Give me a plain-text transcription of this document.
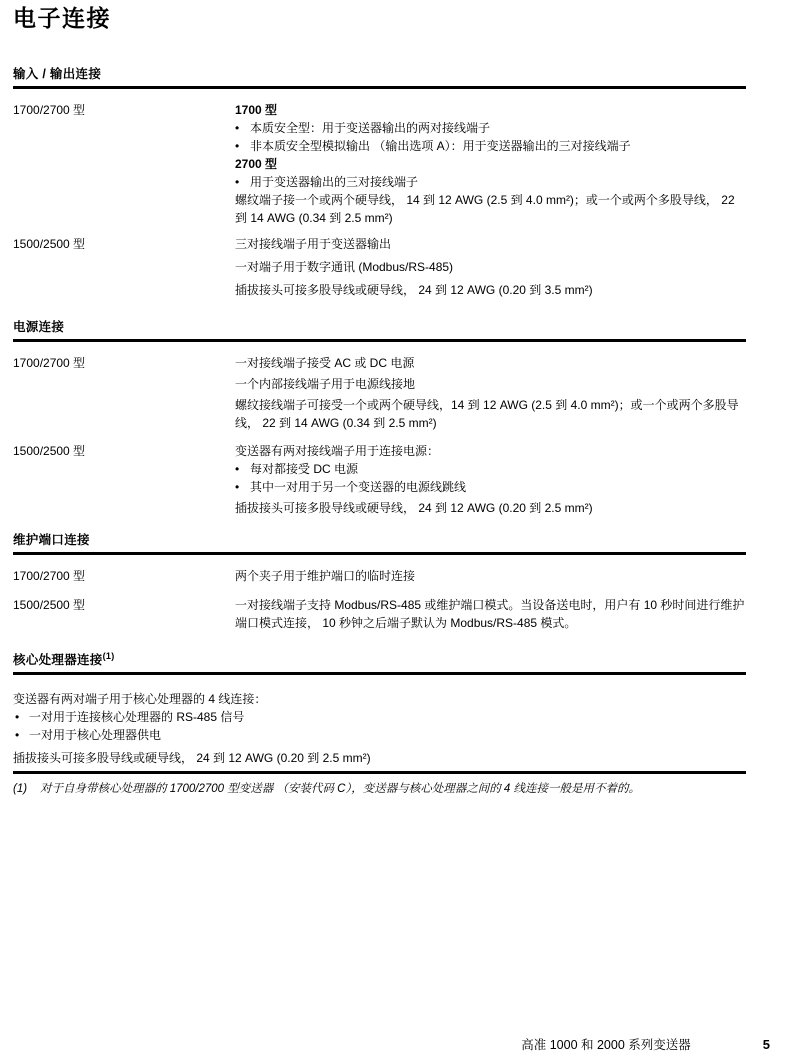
电子连接
输入 / 输出连接
1700/2700 型	1700 型

• 本质安全型：用于变送器输出的两对接线端子
• 非本质安全型模拟输出 （输出选项 A）：用于变送器输出的三对接线端子

2700 型

• 用于变送器输出的三对接线端子

螺纹端子接一个或两个硬导线， 14 到 12 AWG (2.5 到 4.0 mm²)；或一个或两个多股导线， 22 到 14 AWG (0.34 到 2.5 mm²)

1500/2500 型	三对接线端子用于变送器输出

一对端子用于数字通讯 (Modbus/RS-485)

插拔接头可接多股导线或硬导线， 24 到 12 AWG (0.20 到 3.5 mm²)

电源连接
1700/2700 型	一对接线端子接受 AC 或 DC 电源

一个内部接线端子用于电源线接地

螺纹接线端子可接受一个或两个硬导线，14 到 12 AWG (2.5 到 4.0 mm²)；或一个或两个多股导线， 22 到 14 AWG (0.34 到 2.5 mm²)

1500/2500 型	变送器有两对接线端子用于连接电源：

• 每对都接受 DC 电源
• 其中一对用于另一个变送器的电源线跳线

插拔接头可接多股导线或硬导线， 24 到 12 AWG (0.20 到 2.5 mm²)

维护端口连接
1700/2700 型	两个夹子用于维护端口的临时连接

1500/2500 型	一对接线端子支持 Modbus/RS-485 或维护端口模式。当设备送电时，用户有 10 秒时间进行维护端口模式连接， 10 秒钟之后端子默认为 Modbus/RS-485 模式。

核心处理器连接$^{(1)}$

变送器有两对端子用于核心处理器的 4 线连接：

• 一对用于连接核心处理器的 RS-485 信号
• 一对用于核心处理器供电

插拔接头可接多股导线或硬导线， 24 到 12 AWG (0.20 到 2.5 mm²)

(1)	对于自身带核心处理器的 1700/2700 型变送器 （安装代码 C），变送器与核心处理器之间的 4 线连接一般是用不着的。
高准 1000 和 2000 系列变送器	5
